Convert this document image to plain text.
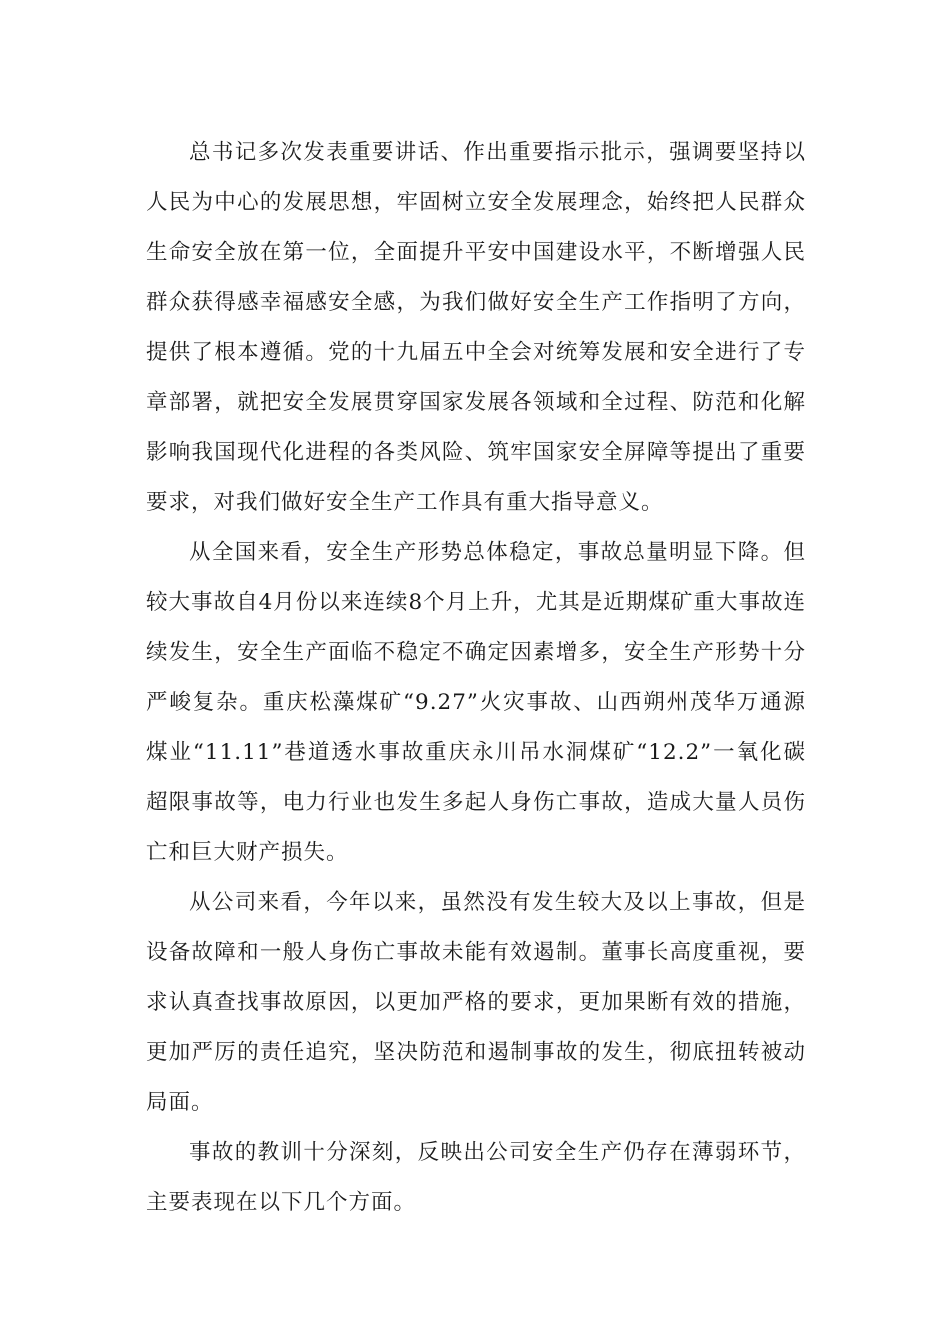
总书记多次发表重要讲话、作出重要指示批示，强调要坚持以人民为中心的发展思想，牢固树立安全发展理念，始终把人民群众生命安全放在第一位，全面提升平安中国建设水平，不断增强人民群众获得感幸福感安全感，为我们做好安全生产工作指明了方向，提供了根本遵循。党的十九届五中全会对统筹发展和安全进行了专章部署，就把安全发展贯穿国家发展各领域和全过程、防范和化解影响我国现代化进程的各类风险、筑牢国家安全屏障等提出了重要要求，对我们做好安全生产工作具有重大指导意义。

从全国来看，安全生产形势总体稳定，事故总量明显下降。但较大事故自4月份以来连续8个月上升，尤其是近期煤矿重大事故连续发生，安全生产面临不稳定不确定因素增多，安全生产形势十分严峻复杂。重庆松藻煤矿“9.27”火灾事故、山西朔州茂华万通源煤业“11.11”巷道透水事故重庆永川吊水洞煤矿“12.2”一氧化碳超限事故等，电力行业也发生多起人身伤亡事故，造成大量人员伤亡和巨大财产损失。

从公司来看，今年以来，虽然没有发生较大及以上事故，但是设备故障和一般人身伤亡事故未能有效遏制。董事长高度重视，要求认真查找事故原因，以更加严格的要求，更加果断有效的措施，更加严厉的责任追究，坚决防范和遏制事故的发生，彻底扭转被动局面。

事故的教训十分深刻，反映出公司安全生产仍存在薄弱环节，主要表现在以下几个方面。
